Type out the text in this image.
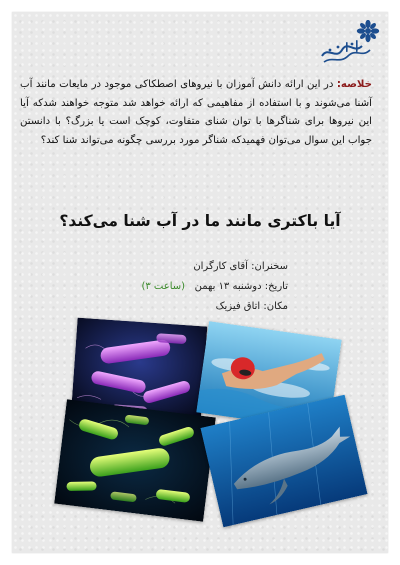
خلاصه: در این ارائه دانش آموزان با نیروهای اصطکاکی موجود در مایعات مانند آب آشنا می‌شوند و با استفاده از مفاهیمی که ارائه خواهد شد متوجه خواهند شدکه آیا این نیروها برای شناگرها با توان شنای متفاوت، کوچک است یا بزرگ؟ با دانستن جواب این سوال می‌توان فهمیدکه شناگر مورد بررسی چگونه می‌تواند شنا کند؟
آیا باکتری مانند ما در آب شنا می‌کند؟
سخنران: آقای کارگران
تاریخ: دوشنبه ۱۳ بهمن   (ساعت ۳)
مکان: اتاق فیزیک
